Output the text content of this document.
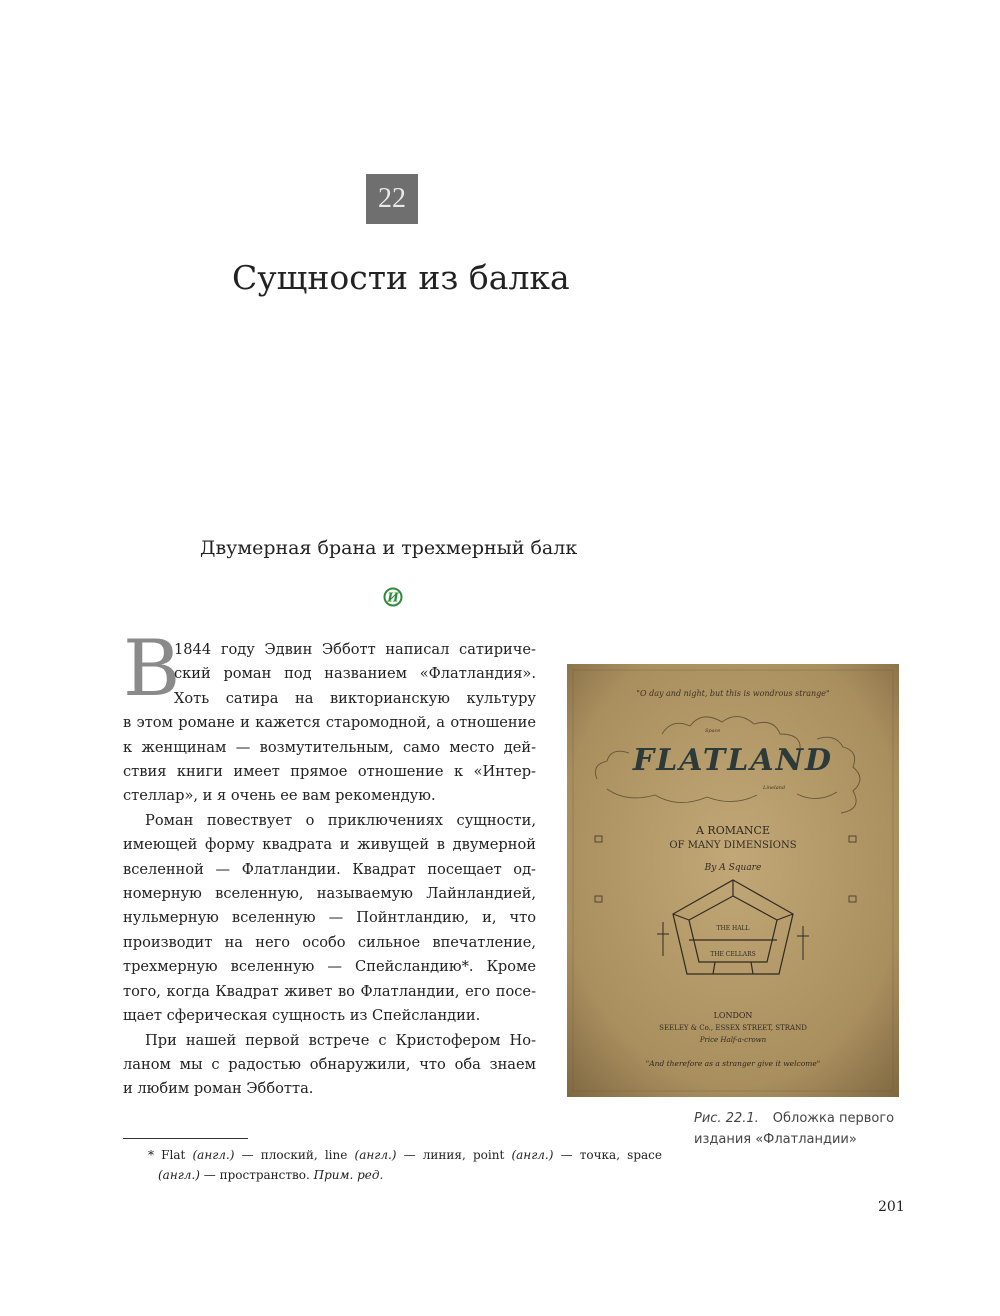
22
Сущности из балка
Двумерная брана и трехмерный балк
И
В
1844 году Эдвин Эбботт написал сатириче-
ский роман под названием «Флатландия».
Хоть сатира на викторианскую культуру
в этом романе и кажется старомодной, а отношение
к женщинам — возмутительным, само место дей-
ствия книги имеет прямое отношение к «Интер-
стеллар», и я очень ее вам рекомендую.
Роман повествует о приключениях сущности,
имеющей форму квадрата и живущей в двумерной
вселенной — Флатландии. Квадрат посещает од-
номерную вселенную, называемую Лайнландией,
нульмерную вселенную — Пойнтландию, и, что
производит на него особо сильное впечатление,
трехмерную вселенную — Спейсландию*. Кроме
того, когда Квадрат живет во Флатландии, его посе-
щает сферическая сущность из Спейсландии.
При нашей первой встрече с Кристофером Но-
ланом мы с радостью обнаружили, что оба знаем
и любим роман Эбботта.
"O day and night, but this is wondrous strange"
Space
Lineland
FLATLAND
A ROMANCE
OF MANY DIMENSIONS
By A Square
THE HALL
THE CELLARS
LONDON
SEELEY & Co., ESSEX STREET, STRAND
Price Half-a-crown
"And therefore as a stranger give it welcome"
Рис. 22.1. Обложка первого
издания «Флатландии»
* Flat (англ.) — плоский, line (англ.) — линия, point (англ.) — точка, space
(англ.) — пространство. Прим. ред.
201
